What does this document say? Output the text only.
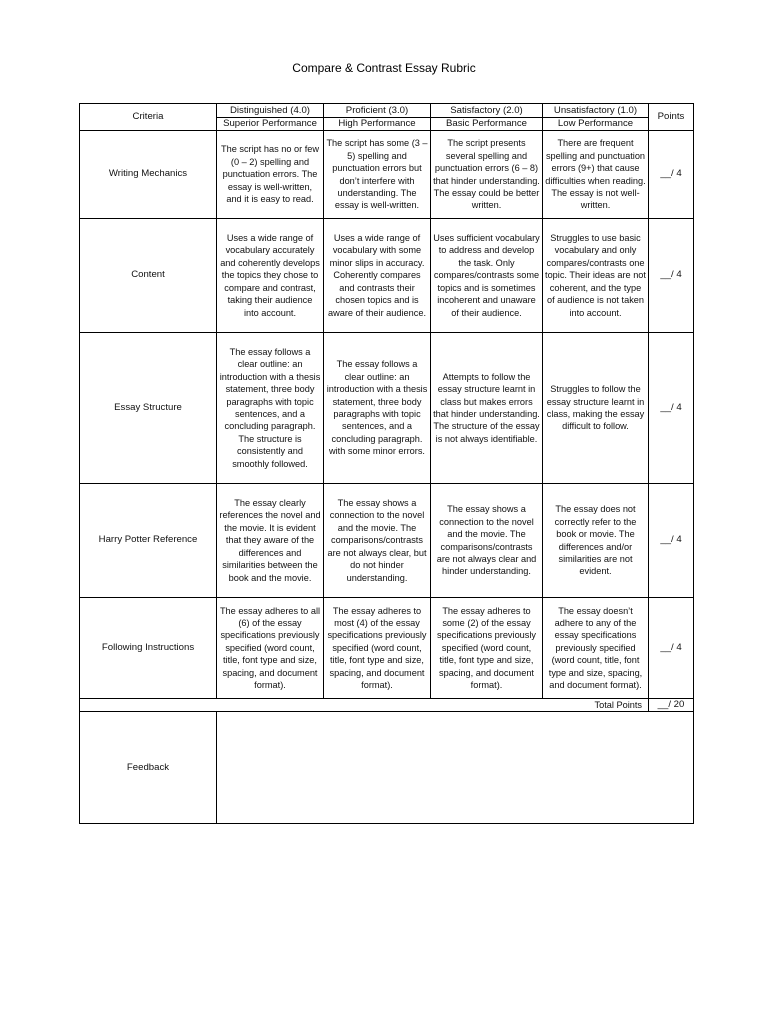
Compare & Contrast Essay Rubric
Criteria	Distinguished (4.0)	Proficient (3.0)	Satisfactory (2.0)	Unsatisfactory (1.0)	Points
	Superior Performance	High Performance	Basic Performance	Low Performance	
Writing Mechanics	The script has no or few (0 – 2) spelling and punctuation errors. The essay is well-written, and it is easy to read.	The script has some (3 – 5) spelling and punctuation errors but don’t interfere with understanding. The essay is well-written.	The script presents several spelling and punctuation errors (6 – 8) that hinder understanding. The essay could be better written.	There are frequent spelling and punctuation errors (9+) that cause difficulties when reading. The essay is not well-written.	__/ 4
Content	Uses a wide range of vocabulary accurately and coherently develops the topics they chose to compare and contrast, taking their audience into account.	Uses a wide range of vocabulary with some minor slips in accuracy. Coherently compares and contrasts their chosen topics and is aware of their audience.	Uses sufficient vocabulary to address and develop the task. Only compares/contrasts some topics and is sometimes incoherent and unaware of their audience.	Struggles to use basic vocabulary and only compares/contrasts one topic. Their ideas are not coherent, and the type of audience is not taken into account.	__/ 4
Essay Structure	The essay follows a clear outline: an introduction with a thesis statement, three body paragraphs with topic sentences, and a concluding paragraph. The structure is consistently and smoothly followed.	The essay follows a clear outline: an introduction with a thesis statement, three body paragraphs with topic sentences, and a concluding paragraph. with some minor errors.	Attempts to follow the essay structure learnt in class but makes errors that hinder understanding. The structure of the essay is not always identifiable.	Struggles to follow the essay structure learnt in class, making the essay difficult to follow.	__/ 4
Harry Potter Reference	The essay clearly references the novel and the movie. It is evident that they aware of the differences and similarities between the book and the movie.	The essay shows a connection to the novel and the movie. The comparisons/contrasts are not always clear, but do not hinder understanding.	The essay shows a connection to the novel and the movie. The comparisons/contrasts are not always clear and hinder understanding.	The essay does not correctly refer to the book or movie. The differences and/or similarities are not evident.	__/ 4
Following Instructions	The essay adheres to all (6) of the essay specifications previously specified (word count, title, font type and size, spacing, and document format).	The essay adheres to most (4) of the essay specifications previously specified (word count, title, font type and size, spacing, and document format).	The essay adheres to some (2) of the essay specifications previously specified (word count, title, font type and size, spacing, and document format).	The essay doesn’t adhere to any of the essay specifications previously specified (word count, title, font type and size, spacing, and document format).	__/ 4
Total Points					__/ 20
Feedback					
